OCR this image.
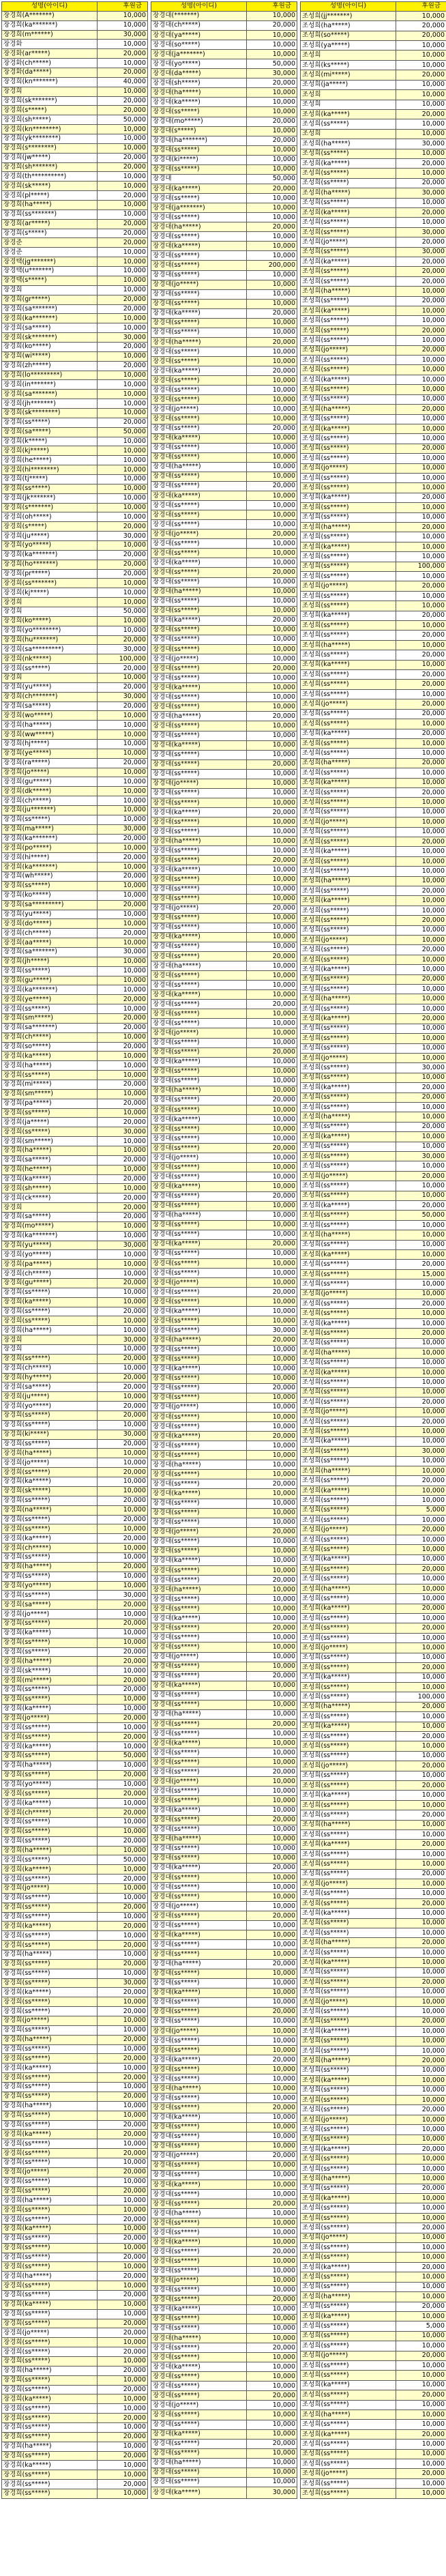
성명(아이디)	후원금
장경희(A*******)	10,000
장경희(ka*******)	10,000
장경희(m******)	30,000
장경화	10,000
장경화(ar*****)	20,000
장경화(ch*****)	10,000
장경화(da*****)	20,000
장경희(kn*******)	40,000
장경희	10,000
장경희(sk*******)	20,000
장경희(s*****)	20,000
장경희(sh*****)	50,000
장경희(kn********)	10,000
장경희(yk********)	10,000
장경희(s********)	10,000
장경희(jw*****)	20,000
장경희(sh*******)	20,000
장경희(th**********)	10,000
장경희(sk*****)	10,000
장경희(pl*****)	20,000
장경희(ha*****)	10,000
장경희(ss*******)	10,000
장경희(ar*****)	20,000
장경희(s*****)	20,000
장경준	20,000
장경준	10,000
장경택(jg*******)	10,000
장경택(u*******)	10,000
장경택(s*****)	10,000
장경희	10,000
장경희(gr*****)	20,000
장경희(sa*******)	20,000
장경희(ka*******)	10,000
장경희(sa*****)	10,000
장경희(sk*******)	30,000
장경희(ko*****)	20,000
장경희(wi*****)	10,000
장경희(zh*****)	20,000
장경희(lo*********)	10,000
장경희(in*******)	10,000
장경희(sa*******)	10,000
장경희(jh*******)	10,000
장경희(sk********)	10,000
장경희(ss*****)	20,000
장경희(sa*****)	50,000
장경희(k*****)	10,000
장경희(kj*****)	10,000
장경희(he*****)	10,000
장경희(hi********)	10,000
장경희(tj*****)	10,000
장경희(ss*****)	10,000
장경희(jk*******)	10,000
장경희(s*******)	10,000
장경희(oh*****)	10,000
장경희(s*****)	20,000
장경희(ju*****)	30,000
장경희(yo*****)	10,000
장경희(ka*******)	20,000
장경희(ho*******)	20,000
장경희(pr*****)	20,000
장경희(ss*******)	10,000
장경희(kj*****)	10,000
장경희	10,000
장경희	50,000
장경희(ko*****)	10,000
장경희(yo********)	10,000
장경희(hu*******)	20,000
장경희(sa*********)	30,000
장경희(nk*****)	100,000
장경희(ss*****)	20,000
장경희	10,000
장경희(yu*****)	20,000
장경희(ch*******)	30,000
장경희(sa*****)	20,000
장경희(wo*****)	10,000
장경희(ha*****)	10,000
장경희(ww*****)	10,000
장경희(hj*****)	10,000
장경희(ye*****)	10,000
장경희(ra*****)	20,000
장경희(jo*****)	10,000
장경희(gu*****)	10,000
장경희(dk*****)	10,000
장경희(ch*****)	10,000
장경희(ju*******)	10,000
장경희(ss*****)	10,000
장경희(ma*****)	30,000
장경희(ka*******)	20,000
장경희(po*****)	10,000
장경희(hi*****)	20,000
장경희(ka*******)	10,000
장경희(wh*****)	20,000
장경희(ss*****)	10,000
장경희(ko*****)	10,000
장경희(sa*********)	20,000
장경희(yu*****)	10,000
장경희(do*****)	10,000
장경희(ch*****)	20,000
장경희(aa*****)	10,000
장경희(sa*******)	30,000
장경희(jh*****)	10,000
장경희(ss*****)	10,000
장경희(gu*****)	10,000
장경희(ka*******)	10,000
장경희(ye*****)	20,000
장경희(ss*****)	10,000
장경희(sm*****)	20,000
장경희(sa*******)	20,000
장경희(ch*****)	10,000
장경희(so*****)	20,000
장경희(ka*****)	10,000
장경희(ha*****)	10,000
장경희(ss*****)	10,000
장경희(mi*****)	20,000
장경희(sm*****)	10,000
장경희(pa*****)	20,000
장경희(ss*****)	10,000
장경희(ja*****)	20,000
장경희(ss*****)	30,000
장경희(sm*****)	10,000
장경희(ha*****)	10,000
장경희(sa*****)	20,000
장경희(he*****)	10,000
장경희(ka*****)	20,000
장경희(sh*****)	10,000
장경희(ck*****)	20,000
장경희	20,000
장경희(sa*****)	20,000
장경희(mo*****)	10,000
장경희(ka*******)	10,000
장경희(yu*****)	30,000
장경희(yo*****)	10,000
장경희(pa*****)	10,000
장경희(ch*****)	10,000
장경희(gu*****)	20,000
장경희(ss*****)	10,000
장경희(ka*****)	10,000
장경희(ss*****)	20,000
장경희(ss*****)	10,000
장경희(ha*****)	10,000
장경희	30,000
장경희	10,000
장경희(ss*****)	20,000
장경희(ch*****)	10,000
장경희(hy*****)	20,000
장경희(sa*****)	20,000
장경희(ju*****)	10,000
장경희(yo*****)	20,000
장경희(ss*****)	20,000
장경희(ss*****)	10,000
장경희(ki*****)	30,000
장경희(ss*****)	20,000
장경희(ha*****)	10,000
장경희(jo*****)	10,000
장경희(ss*****)	20,000
장경희(ka*****)	10,000
장경희(sk*****)	10,000
장경희(ss*****)	20,000
장경희(na*****)	10,000
장경희(ss*****)	20,000
장경희(ss*****)	10,000
장경희(ka*****)	20,000
장경희(ch*****)	10,000
장경희(ss*****)	10,000
장경희(ha*****)	20,000
장경희(ss*****)	10,000
장경희(yo*****)	10,000
장경희(ss*****)	30,000
장경희(sa*****)	20,000
장경희(jo*****)	10,000
장경희(ss*****)	20,000
장경희(ka*****)	10,000
장경희(ss*****)	10,000
장경희(ss*****)	20,000
장경희(ha*****)	20,000
장경희(sk*****)	10,000
장경희(mi*****)	20,000
장경희(ss*****)	20,000
장경희(ss*****)	10,000
장경희(ka*****)	10,000
장경희(jo*****)	20,000
장경희(ss*****)	10,000
장경희(ss*****)	20,000
장경희(ka*****)	10,000
장경희(ss*****)	50,000
장경희(ha*****)	10,000
장경희(ss*****)	20,000
장경희(yo*****)	10,000
장경희(ss*****)	20,000
장경희(ka*****)	10,000
장경희(ch*****)	20,000
장경희(ss*****)	10,000
장경희(ss*****)	10,000
장경희(ss*****)	20,000
장경희(ha*****)	10,000
장경희(ss*****)	50,000
장경희(ka*****)	10,000
장경희(ss*****)	20,000
장경희(jo*****)	10,000
장경희(ss*****)	10,000
장경희(ss*****)	20,000
장경희(ss*****)	10,000
장경희(ka*****)	20,000
장경희(ss*****)	10,000
장경희(ss*****)	20,000
장경희(ha*****)	10,000
장경희(ss*****)	20,000
장경희(ss*****)	10,000
장경희(ss*****)	30,000
장경희(ka*****)	20,000
장경희(ss*****)	10,000
장경희(ss*****)	20,000
장경희(jo*****)	10,000
장경희(ss*****)	10,000
장경희(ha*****)	20,000
장경희(ss*****)	10,000
장경희(ss*****)	20,000
장경희(ka*****)	10,000
장경희(ss*****)	20,000
장경희(ss*****)	10,000
장경희(ss*****)	20,000
장경희(ha*****)	10,000
장경희(ss*****)	10,000
장경희(ss*****)	20,000
장경희(ka*****)	20,000
장경희(ss*****)	10,000
장경희(ss*****)	20,000
장경희(ss*****)	10,000
장경희(jo*****)	20,000
장경희(ss*****)	10,000
장경희(ss*****)	20,000
장경희(ha*****)	10,000
장경희(ss*****)	10,000
장경희(ss*****)	20,000
장경희(ka*****)	10,000
장경희(ss*****)	20,000
장경희(ss*****)	10,000
장경희(ss*****)	20,000
장경희(ss*****)	10,000
장경희(ha*****)	20,000
장경희(ss*****)	10,000
장경희(ss*****)	20,000
장경희(ka*****)	10,000
장경희(ss*****)	10,000
장경희(ss*****)	20,000
장경희(jo*****)	20,000
장경희(ss*****)	10,000
장경희(ss*****)	20,000
장경희(ss*****)	10,000
장경희(ha*****)	20,000
장경희(ss*****)	10,000
장경희(ss*****)	20,000
장경희(ka*****)	10,000
장경희(ss*****)	10,000
장경희(ss*****)	20,000
장경희(ss*****)	10,000
장경희(ss*****)	20,000
장경희(ha*****)	10,000
장경희(ss*****)	20,000
장경희(ka*****)	10,000
장경희(ss*****)	10,000
장경희(ss*****)	20,000
장경희(ss*****)	10,000
성명(아이디)	후원금
장경대(*******)	10,000
장경대(ch*****)	20,000
장경대(ya*****)	10,000
장경대(so*****)	10,000
장경대(ja*******)	10,000
장경대(yo*****)	50,000
장경대(da*****)	30,000
장경대(sh*****)	20,000
장경대(ha*****)	10,000
장경대(ka*****)	10,000
장경대(ss*****)	10,000
장경대(mo*****)	20,000
장경대(s*****)	10,000
장경대(ha*******)	20,000
장경대(ss*****)	10,000
장경대(ki*****)	10,000
장경대(ss*****)	10,000
장경대	50,000
장경대(ka*****)	20,000
장경대(ss*****)	10,000
장경대(ja*******)	10,000
장경대(ss*****)	10,000
장경대(ha*****)	20,000
장경대(ss*****)	10,000
장경대(ka*****)	10,000
장경대(ss*****)	10,000
장경대(ss*****)	200,000
장경대(ss*****)	10,000
장경대(jo*****)	10,000
장경대(ss*****)	10,000
장경대(ss*****)	10,000
장경대(ka*****)	20,000
장경대(ss*****)	10,000
장경대(ss*****)	10,000
장경대(ha*****)	20,000
장경대(ss*****)	10,000
장경대(ss*****)	10,000
장경대(ka*****)	20,000
장경대(ss*****)	10,000
장경대(ss*****)	10,000
장경대(ss*****)	10,000
장경대(jo*****)	10,000
장경대(ss*****)	10,000
장경대(ss*****)	20,000
장경대(ka*****)	10,000
장경대(ss*****)	10,000
장경대(ss*****)	10,000
장경대(ha*****)	10,000
장경대(ss*****)	10,000
장경대(ss*****)	20,000
장경대(ka*****)	10,000
장경대(ss*****)	10,000
장경대(ss*****)	10,000
장경대(ss*****)	10,000
장경대(jo*****)	20,000
장경대(ss*****)	10,000
장경대(ss*****)	10,000
장경대(ka*****)	10,000
장경대(ss*****)	20,000
장경대(ss*****)	10,000
장경대(ha*****)	10,000
장경대(ss*****)	10,000
장경대(ss*****)	10,000
장경대(ka*****)	20,000
장경대(ss*****)	10,000
장경대(ss*****)	10,000
장경대(ss*****)	10,000
장경대(jo*****)	10,000
장경대(ss*****)	20,000
장경대(ss*****)	10,000
장경대(ka*****)	10,000
장경대(ss*****)	10,000
장경대(ss*****)	10,000
장경대(ha*****)	20,000
장경대(ss*****)	10,000
장경대(ss*****)	10,000
장경대(ka*****)	10,000
장경대(ss*****)	10,000
장경대(ss*****)	20,000
장경대(ss*****)	10,000
장경대(jo*****)	10,000
장경대(ss*****)	10,000
장경대(ss*****)	10,000
장경대(ka*****)	20,000
장경대(ss*****)	10,000
장경대(ss*****)	10,000
장경대(ha*****)	10,000
장경대(ss*****)	10,000
장경대(ss*****)	20,000
장경대(ka*****)	10,000
장경대(ss*****)	10,000
장경대(ss*****)	10,000
장경대(ss*****)	10,000
장경대(jo*****)	20,000
장경대(ss*****)	10,000
장경대(ss*****)	10,000
장경대(ka*****)	10,000
장경대(ss*****)	10,000
장경대(ss*****)	20,000
장경대(ha*****)	10,000
장경대(ss*****)	10,000
장경대(ss*****)	10,000
장경대(ka*****)	10,000
장경대(ss*****)	20,000
장경대(ss*****)	10,000
장경대(ss*****)	10,000
장경대(jo*****)	10,000
장경대(ss*****)	10,000
장경대(ss*****)	20,000
장경대(ka*****)	10,000
장경대(ss*****)	10,000
장경대(ss*****)	10,000
장경대(ha*****)	10,000
장경대(ss*****)	20,000
장경대(ss*****)	10,000
장경대(ka*****)	10,000
장경대(ss*****)	10,000
장경대(ss*****)	10,000
장경대(ss*****)	20,000
장경대(jo*****)	10,000
장경대(ss*****)	10,000
장경대(ss*****)	10,000
장경대(ka*****)	10,000
장경대(ss*****)	20,000
장경대(ss*****)	10,000
장경대(ha*****)	10,000
장경대(ss*****)	10,000
장경대(ss*****)	10,000
장경대(ka*****)	20,000
장경대(ss*****)	10,000
장경대(ss*****)	10,000
장경대(ss*****)	10,000
장경대(jo*****)	10,000
장경대(ss*****)	20,000
장경대(ss*****)	10,000
장경대(ka*****)	10,000
장경대(ss*****)	10,000
장경대(ss*****)	30,000
장경대(ha*****)	20,000
장경대(ss*****)	10,000
장경대(ss*****)	10,000
장경대(ka*****)	10,000
장경대(ss*****)	10,000
장경대(ss*****)	20,000
장경대(ss*****)	10,000
장경대(jo*****)	10,000
장경대(ss*****)	10,000
장경대(ss*****)	10,000
장경대(ka*****)	20,000
장경대(ss*****)	10,000
장경대(ss*****)	10,000
장경대(ha*****)	10,000
장경대(ss*****)	10,000
장경대(ss*****)	20,000
장경대(ka*****)	10,000
장경대(ss*****)	10,000
장경대(ss*****)	10,000
장경대(ss*****)	10,000
장경대(jo*****)	20,000
장경대(ss*****)	10,000
장경대(ss*****)	10,000
장경대(ka*****)	10,000
장경대(ss*****)	10,000
장경대(ss*****)	20,000
장경대(ha*****)	10,000
장경대(ss*****)	10,000
장경대(ss*****)	10,000
장경대(ka*****)	10,000
장경대(ss*****)	20,000
장경대(ss*****)	10,000
장경대(ss*****)	10,000
장경대(jo*****)	10,000
장경대(ss*****)	10,000
장경대(ss*****)	20,000
장경대(ka*****)	10,000
장경대(ss*****)	10,000
장경대(ss*****)	10,000
장경대(ha*****)	10,000
장경대(ss*****)	20,000
장경대(ss*****)	10,000
장경대(ka*****)	10,000
장경대(ss*****)	10,000
장경대(ss*****)	10,000
장경대(ss*****)	20,000
장경대(jo*****)	10,000
장경대(ss*****)	10,000
장경대(ss*****)	10,000
장경대(ka*****)	10,000
장경대(ss*****)	20,000
장경대(ss*****)	10,000
장경대(ha*****)	10,000
장경대(ss*****)	10,000
장경대(ss*****)	10,000
장경대(ka*****)	20,000
장경대(ss*****)	10,000
장경대(ss*****)	10,000
장경대(ss*****)	10,000
장경대(jo*****)	10,000
장경대(ss*****)	20,000
장경대(ss*****)	10,000
장경대(ka*****)	10,000
장경대(ss*****)	10,000
장경대(ss*****)	10,000
장경대(ha*****)	20,000
장경대(ss*****)	10,000
장경대(ss*****)	10,000
장경대(ka*****)	10,000
장경대(ss*****)	10,000
장경대(ss*****)	20,000
장경대(ss*****)	10,000
장경대(jo*****)	10,000
장경대(ss*****)	10,000
장경대(ss*****)	10,000
장경대(ka*****)	20,000
장경대(ss*****)	10,000
장경대(ss*****)	10,000
장경대(ha*****)	10,000
장경대(ss*****)	10,000
장경대(ss*****)	20,000
장경대(ka*****)	10,000
장경대(ss*****)	10,000
장경대(ss*****)	10,000
장경대(ss*****)	10,000
장경대(jo*****)	20,000
장경대(ss*****)	10,000
장경대(ss*****)	10,000
장경대(ka*****)	10,000
장경대(ss*****)	10,000
장경대(ss*****)	20,000
장경대(ha*****)	10,000
장경대(ss*****)	10,000
장경대(ss*****)	10,000
장경대(ka*****)	10,000
장경대(ss*****)	20,000
장경대(ss*****)	10,000
장경대(ss*****)	10,000
장경대(jo*****)	10,000
장경대(ss*****)	10,000
장경대(ss*****)	20,000
장경대(ka*****)	10,000
장경대(ss*****)	10,000
장경대(ss*****)	10,000
장경대(ha*****)	10,000
장경대(ss*****)	20,000
장경대(ss*****)	10,000
장경대(ka*****)	10,000
장경대(ss*****)	10,000
장경대(ss*****)	10,000
장경대(ss*****)	20,000
장경대(jo*****)	10,000
장경대(ss*****)	10,000
장경대(ss*****)	10,000
장경대(ka*****)	10,000
장경대(ss*****)	20,000
장경대(ss*****)	10,000
장경대(ha*****)	10,000
장경대(ss*****)	10,000
장경대(ss*****)	10,000
장경대(ka*****)	30,000
성명(아이디)	후원금
조성희(jj*******)	10,000
조성희(ha*****)	20,000
조성희(so*****)	20,000
조성희(ya*****)	10,000
조성희	10,000
조성희(ks*****)	10,000
조성희(mi*****)	20,000
조성희(ja*****)	10,000
조성희	10,000
조성희	10,000
조성희(ka*****)	20,000
조성희(ss*****)	10,000
조성희	10,000
조성희(ha*****)	30,000
조성희(ss*****)	10,000
조성희(ka*****)	20,000
조성희(ss*****)	10,000
조성희(ss*****)	20,000
조성희(ha*****)	30,000
조성희(ss*****)	10,000
조성희(ka*****)	20,000
조성희(ss*****)	10,000
조성희(ss*****)	30,000
조성희(jo*****)	20,000
조성희(ss*****)	30,000
조성희(ka*****)	20,000
조성희(ss*****)	20,000
조성희(ss*****)	20,000
조성희(ha*****)	10,000
조성희(ss*****)	20,000
조성희(ka*****)	10,000
조성희(ss*****)	10,000
조성희(ss*****)	20,000
조성희(ss*****)	10,000
조성희(jo*****)	20,000
조성희(ss*****)	10,000
조성희(ss*****)	10,000
조성희(ka*****)	10,000
조성희(ss*****)	10,000
조성희(ss*****)	10,000
조성희(ha*****)	20,000
조성희(ss*****)	10,000
조성희(ka*****)	10,000
조성희(ss*****)	10,000
조성희(ss*****)	20,000
조성희(ss*****)	10,000
조성희(jo*****)	10,000
조성희(ss*****)	10,000
조성희(ss*****)	10,000
조성희(ka*****)	20,000
조성희(ss*****)	10,000
조성희(ss*****)	10,000
조성희(ha*****)	20,000
조성희(ss*****)	10,000
조성희(ka*****)	10,000
조성희(ss*****)	10,000
조성희(ss*****)	100,000
조성희(ss*****)	10,000
조성희(jo*****)	20,000
조성희(ss*****)	10,000
조성희(ss*****)	10,000
조성희(ka*****)	20,000
조성희(ss*****)	10,000
조성희(ss*****)	20,000
조성희(ha*****)	10,000
조성희(ss*****)	20,000
조성희(ka*****)	10,000
조성희(ss*****)	20,000
조성희(ss*****)	20,000
조성희(ss*****)	10,000
조성희(jo*****)	20,000
조성희(ss*****)	20,000
조성희(ss*****)	10,000
조성희(ka*****)	20,000
조성희(ss*****)	10,000
조성희(ss*****)	10,000
조성희(ha*****)	20,000
조성희(ss*****)	10,000
조성희(ka*****)	10,000
조성희(ss*****)	20,000
조성희(ss*****)	10,000
조성희(ss*****)	10,000
조성희(jo*****)	10,000
조성희(ss*****)	10,000
조성희(ss*****)	20,000
조성희(ka*****)	10,000
조성희(ss*****)	10,000
조성희(ss*****)	10,000
조성희(ha*****)	10,000
조성희(ss*****)	20,000
조성희(ka*****)	10,000
조성희(ss*****)	10,000
조성희(ss*****)	20,000
조성희(ss*****)	10,000
조성희(jo*****)	10,000
조성희(ss*****)	20,000
조성희(ss*****)	10,000
조성희(ka*****)	10,000
조성희(ss*****)	20,000
조성희(ss*****)	10,000
조성희(ha*****)	10,000
조성희(ss*****)	10,000
조성희(ka*****)	20,000
조성희(ss*****)	10,000
조성희(ss*****)	10,000
조성희(ss*****)	10,000
조성희(jo*****)	10,000
조성희(ss*****)	30,000
조성희(ss*****)	10,000
조성희(ka*****)	20,000
조성희(ss*****)	20,000
조성희(ss*****)	10,000
조성희(ha*****)	10,000
조성희(ss*****)	20,000
조성희(ka*****)	10,000
조성희(ss*****)	10,000
조성희(ss*****)	30,000
조성희(ss*****)	10,000
조성희(jo*****)	20,000
조성희(ss*****)	10,000
조성희(ss*****)	10,000
조성희(ka*****)	20,000
조성희(ss*****)	50,000
조성희(ss*****)	10,000
조성희(ha*****)	10,000
조성희(ss*****)	10,000
조성희(ka*****)	10,000
조성희(ss*****)	20,000
조성희(ss*****)	15,000
조성희(ss*****)	10,000
조성희(jo*****)	10,000
조성희(ss*****)	20,000
조성희(ss*****)	10,000
조성희(ka*****)	10,000
조성희(ss*****)	20,000
조성희(ss*****)	10,000
조성희(ha*****)	10,000
조성희(ss*****)	10,000
조성희(ka*****)	10,000
조성희(ss*****)	10,000
조성희(ss*****)	10,000
조성희(ss*****)	20,000
조성희(jo*****)	10,000
조성희(ss*****)	20,000
조성희(ss*****)	10,000
조성희(ka*****)	10,000
조성희(ss*****)	30,000
조성희(ss*****)	10,000
조성희(ha*****)	10,000
조성희(ss*****)	20,000
조성희(ka*****)	10,000
조성희(ss*****)	10,000
조성희(ss*****)	5,000
조성희(ss*****)	10,000
조성희(jo*****)	20,000
조성희(ss*****)	10,000
조성희(ss*****)	10,000
조성희(ka*****)	10,000
조성희(ss*****)	20,000
조성희(ss*****)	10,000
조성희(ha*****)	10,000
조성희(ss*****)	10,000
조성희(ka*****)	20,000
조성희(ss*****)	10,000
조성희(ss*****)	20,000
조성희(ss*****)	10,000
조성희(jo*****)	10,000
조성희(ss*****)	10,000
조성희(ss*****)	20,000
조성희(ka*****)	10,000
조성희(ss*****)	10,000
조성희(ss*****)	100,000
조성희(ha*****)	20,000
조성희(ss*****)	10,000
조성희(ka*****)	10,000
조성희(ss*****)	20,000
조성희(ss*****)	10,000
조성희(ss*****)	10,000
조성희(jo*****)	20,000
조성희(ss*****)	10,000
조성희(ss*****)	20,000
조성희(ka*****)	10,000
조성희(ss*****)	10,000
조성희(ss*****)	20,000
조성희(ha*****)	10,000
조성희(ss*****)	10,000
조성희(ka*****)	20,000
조성희(ss*****)	10,000
조성희(ss*****)	10,000
조성희(ss*****)	20,000
조성희(jo*****)	10,000
조성희(ss*****)	10,000
조성희(ss*****)	20,000
조성희(ka*****)	10,000
조성희(ss*****)	10,000
조성희(ss*****)	10,000
조성희(ha*****)	20,000
조성희(ss*****)	10,000
조성희(ka*****)	10,000
조성희(ss*****)	10,000
조성희(ss*****)	20,000
조성희(ss*****)	10,000
조성희(jo*****)	10,000
조성희(ss*****)	10,000
조성희(ss*****)	20,000
조성희(ka*****)	10,000
조성희(ss*****)	10,000
조성희(ss*****)	10,000
조성희(ha*****)	20,000
조성희(ss*****)	10,000
조성희(ka*****)	10,000
조성희(ss*****)	10,000
조성희(ss*****)	10,000
조성희(ss*****)	20,000
조성희(jo*****)	10,000
조성희(ss*****)	10,000
조성희(ss*****)	10,000
조성희(ka*****)	20,000
조성희(ss*****)	10,000
조성희(ss*****)	10,000
조성희(ha*****)	10,000
조성희(ss*****)	20,000
조성희(ka*****)	10,000
조성희(ss*****)	10,000
조성희(ss*****)	10,000
조성희(ss*****)	20,000
조성희(jo*****)	10,000
조성희(ss*****)	10,000
조성희(ss*****)	10,000
조성희(ka*****)	20,000
조성희(ss*****)	10,000
조성희(ss*****)	10,000
조성희(ha*****)	10,000
조성희(ss*****)	20,000
조성희(ka*****)	10,000
조성희(ss*****)	5,000
조성희(ss*****)	10,000
조성희(ss*****)	10,000
조성희(jo*****)	20,000
조성희(ss*****)	10,000
조성희(ss*****)	10,000
조성희(ka*****)	10,000
조성희(ss*****)	20,000
조성희(ss*****)	10,000
조성희(ha*****)	10,000
조성희(ss*****)	10,000
조성희(ka*****)	20,000
조성희(ss*****)	10,000
조성희(ss*****)	10,000
조성희(ss*****)	10,000
조성희(jo*****)	20,000
조성희(ss*****)	10,000
조성희(ss*****)	10,000
